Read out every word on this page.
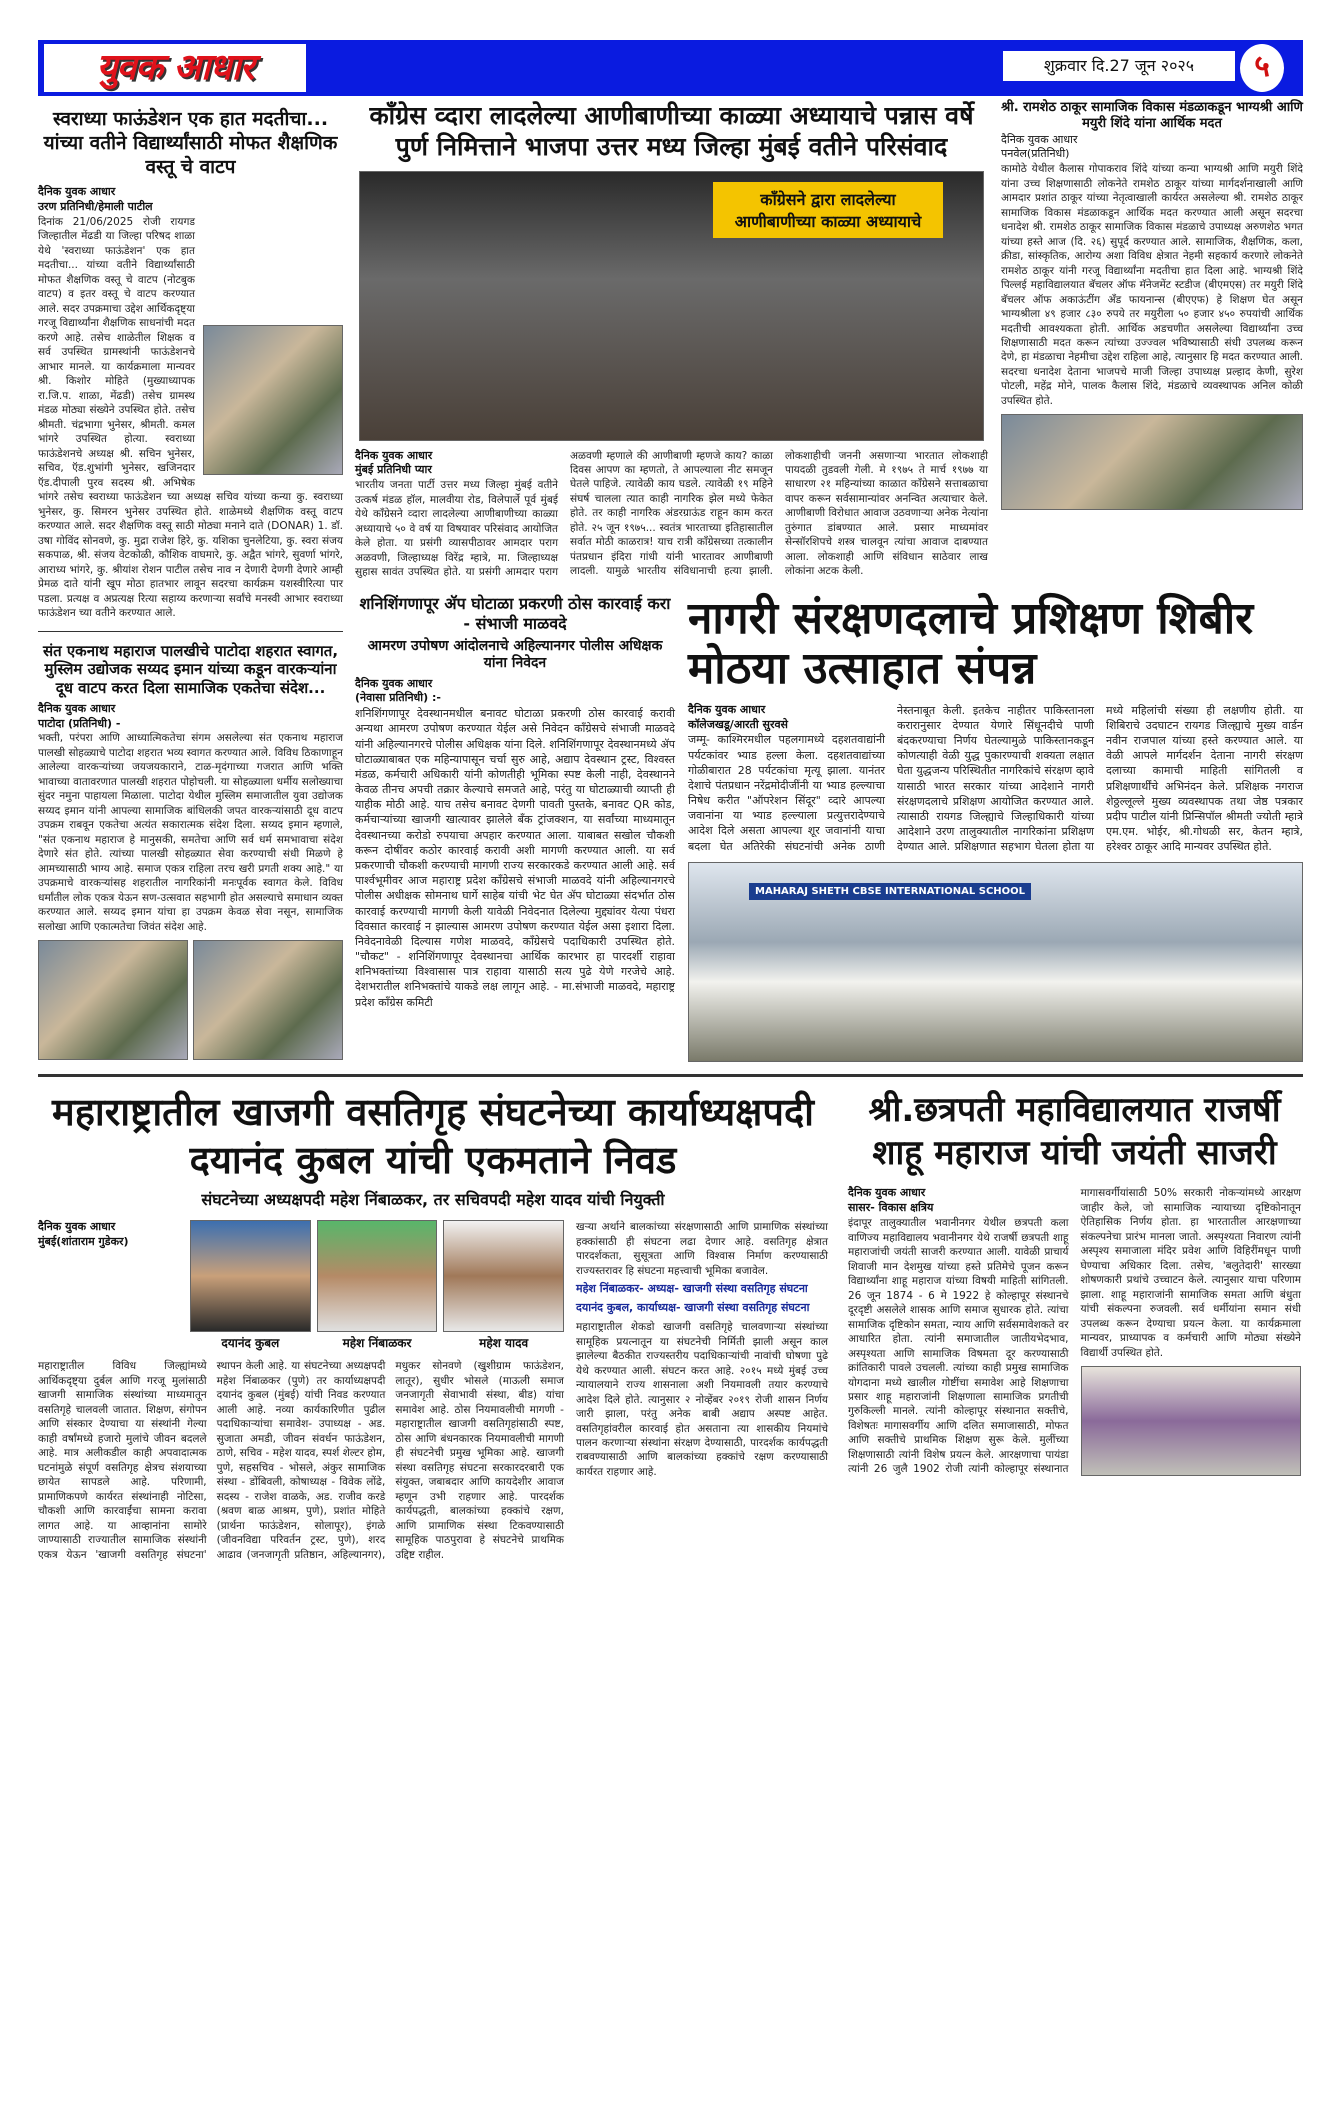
युवक आधार	शुक्रवार दि.27 जून २०२५	५
स्वराध्या फाऊंडेशन एक हात मदतीचा... यांच्या वतीने विद्यार्थ्यांसाठी मोफत शैक्षणिक वस्तू चे वाटप
दैनिक युवक आधार
उरण प्रतिनिधी/हेमाली पाटील
दिनांक 21/06/2025 रोजी रायगड जिल्हातील मेंढडी या जिल्हा परिषद शाळा येथे 'स्वराध्या फाऊंडेशन' एक हात मदतीचा... यांच्या वतीने विद्यार्थ्यांसाठी मोफत शैक्षणिक वस्तू चे वाटप (नोटबुक वाटप) व इतर वस्तू चे वाटप करण्यात आले. सदर उपक्रमाचा उद्देश आर्थिकदृष्ट्या गरजू विद्यार्थ्यांना शैक्षणिक साधनांची मदत करणे आहे. तसेच शाळेतील शिक्षक व सर्व उपस्थित ग्रामस्थांनी फाऊंडेशनचे आभार मानले. या कार्यक्रमाला मान्यवर श्री. किशोर मोहिते (मुख्याध्यापक रा.जि.प. शाळा, मेंढडी) तसेच ग्रामस्थ मंडळ मोठ्या संख्येने उपस्थित होते. तसेच श्रीमती. चंद्रभागा भुनेसर, श्रीमती. कमल भांगरे उपस्थित होत्या. स्वराध्या फाऊंडेशनचे अध्यक्ष श्री. सचिन भुनेसर, सचिव, ऍड.शुभांगी भुनेसर, खजिनदार ऍड.दीपाली पुरव सदस्य श्री. अभिषेक भांगरे तसेच स्वराध्या फाऊंडेशन च्या अध्यक्ष सचिव यांच्या कन्या कु. स्वराध्या भुनेसर, कु. सिमरन भुनेसर उपस्थित होते. शाळेमध्ये शैक्षणिक वस्तू वाटप करण्यात आले. सदर शैक्षणिक वस्तू साठी मोठ्या मनाने दाते (DONAR) 1. डॉ. उषा गोविंद सोनवणे, कु. मुद्रा राजेश हिरे, कु. यशिका चुनलेटिया, कु. स्वरा संजय सकपाळ, श्री. संजय वेटकोळी, कौशिक वाघमारे, कु. अद्वैत भांगरे, सुवर्णा भांगरे, आराध्य भांगरे, कु. श्रीयांश रोशन पाटील तसेच नाव न देणारी देणगी देणारे आम्ही प्रेमळ दाते यांनी खूप मोठा हातभार लावून सदरचा कार्यक्रम यशस्वीरित्या पार पडला. प्रत्यक्ष व अप्रत्यक्ष रित्या सहाय्य करणाऱ्या सर्वांचे मनस्वी आभार स्वराध्या फाऊंडेशन च्या वतीने करण्यात आले.
संत एकनाथ महाराज पालखीचे पाटोदा शहरात स्वागत, मुस्लिम उद्योजक सय्यद इमान यांच्या कडून वारकऱ्यांना दूध वाटप करत दिला सामाजिक एकतेचा संदेश...
दैनिक युवक आधार
पाटोदा (प्रतिनिधी) -
भक्ती, परंपरा आणि आध्यात्मिकतेचा संगम असलेल्या संत एकनाथ महाराज पालखी सोहळ्याचे पाटोदा शहरात भव्य स्वागत करण्यात आले. विविध ठिकाणाहून आलेल्या वारकऱ्यांच्या जयजयकाराने, टाळ-मृदंगाच्या गजरात आणि भक्ति भावाच्या वातावरणात पालखी शहरात पोहोचली. या सोहळ्याला धर्मीय सलोख्याचा सुंदर नमुना पाहायला मिळाला. पाटोदा येथील मुस्लिम समाजातील युवा उद्योजक सय्यद इमान यांनी आपल्या सामाजिक बांधिलकी जपत वारकऱ्यांसाठी दूध वाटप उपक्रम राबवून एकतेचा अत्यंत सकारात्मक संदेश दिला. सय्यद इमान म्हणाले, "संत एकनाथ महाराज हे मानुसकी, समतेचा आणि सर्व धर्म समभावाचा संदेश देणारे संत होते. त्यांच्या पालखी सोहळ्यात सेवा करण्याची संधी मिळणे हे आमच्यासाठी भाग्य आहे. समाज एकत्र राहिला तरच खरी प्रगती शक्य आहे." या उपक्रमाचे वारकऱ्यांसह शहरातील नागरिकांनी मनःपूर्वक स्वागत केले. विविध धर्मांतील लोक एकत्र येऊन सण-उत्सवात सहभागी होत असल्याचे समाधान व्यक्त करण्यात आले. सय्यद इमान यांचा हा उपक्रम केवळ सेवा नसून, सामाजिक सलोखा आणि एकात्मतेचा जिवंत संदेश आहे.
काँग्रेस व्दारा लादलेल्या आणीबाणीच्या काळ्या अध्यायाचे पन्नास वर्षे पुर्ण निमित्ताने भाजपा उत्तर मध्य जिल्हा मुंबई वतीने परिसंवाद
काँग्रेसने द्वारा लादलेल्या आणीबाणीच्या काळ्या अध्यायाचे
दैनिक युवक आधार
मुंबई प्रतिनिधी प्यार
भारतीय जनता पार्टी उत्तर मध्य जिल्हा मुंबई वतीने उत्कर्ष मंडळ हॉल, मालवीया रोड, विलेपार्ले पूर्व मुंबई येथे काँग्रेसने व्दारा लादलेल्या आणीबाणीच्या काळ्या अध्यायाचे ५० वे वर्ष या विषयावर परिसंवाद आयोजित केले होता. या प्रसंगी व्यासपीठावर आमदार पराग अळवणी, जिल्हाध्यक्ष विरेंद्र म्हात्रे, मा. जिल्हाध्यक्ष सुहास सावंत उपस्थित होते. या प्रसंगी आमदार पराग अळवणी म्हणाले की आणीबाणी म्हणजे काय? काळा दिवस आपण का म्हणतो, ते आपल्याला नीट समजून घेतले पाहिजे. त्यावेळी काय घडले. त्यावेळी १९ महिने संघर्ष चालला त्यात काही नागरिक झेल मध्ये फेकेत होते. तर काही नागरिक अंडरग्राऊंड राहून काम करत होते. २५ जून १९७५... स्वतंत्र भारताच्या इतिहासातील सर्वात मोठी काळरात्र! याच रात्री काँग्रेसच्या तत्कालीन पंतप्रधान इंदिरा गांधी यांनी भारतावर आणीबाणी लादली. यामुळे भारतीय संविधानाची हत्या झाली. लोकशाहीची जननी असणाऱ्या भारतात लोकशाही पायदळी तुडवली गेली. मे १९७५ ते मार्च १९७७ या साधारण २१ महिन्यांच्या काळात काँग्रेसने सत्ताबळाचा वापर करून सर्वसामान्यांवर अनन्वित अत्याचार केले. आणीबाणी विरोधात आवाज उठवणाऱ्या अनेक नेत्यांना तुरुंगात डांबण्यात आले. प्रसार माध्यमांवर सेन्सॉरशिपचे शस्त्र चालवून त्यांचा आवाज दाबण्यात आला. लोकशाही आणि संविधान साठेवार लाख लोकांना अटक केली.
श्री. रामशेठ ठाकूर सामाजिक विकास मंडळाकडून भाग्यश्री आणि मयुरी शिंदे यांना आर्थिक मदत
दैनिक युवक आधार
पनवेल(प्रतिनिधी)
कामोठे येथील कैलास गोपाकराव शिंदे यांच्या कन्या भाग्यश्री आणि मयुरी शिंदे यांना उच्च शिक्षणासाठी लोकनेते रामशेठ ठाकूर यांच्या मार्गदर्शनाखाली आणि आमदार प्रशांत ठाकूर यांच्या नेतृत्वाखाली कार्यरत असलेल्या श्री. रामशेठ ठाकूर सामाजिक विकास मंडळाकडून आर्थिक मदत करण्यात आली असून सदरचा धनादेश श्री. रामशेठ ठाकूर सामाजिक विकास मंडळाचे उपाध्यक्ष अरुणशेठ भगत यांच्या हस्ते आज (दि. २६) सुपूर्द करण्यात आले. सामाजिक, शैक्षणिक, कला, क्रीडा, सांस्कृतिक, आरोग्य अशा विविध क्षेत्रात नेहमी सहकार्य करणारे लोकनेते रामशेठ ठाकूर यांनी गरजू विद्यार्थ्यांना मदतीचा हात दिला आहे. भाग्यश्री शिंदे पिल्लई महाविद्यालयात बॅचलर ऑफ मॅनेजमेंट स्टडीज (बीएमएस) तर मयुरी शिंदे बॅचलर ऑफ अकाऊंटींग अँड फायनान्स (बीएएफ) हे शिक्षण घेत असून भाग्यश्रीला ४९ हजार ८३० रुपये तर मयुरीला ५० हजार ४५० रुपयांची आर्थिक मदतीची आवश्यकता होती. आर्थिक अडचणीत असलेल्या विद्यार्थ्यांना उच्च शिक्षणासाठी मदत करून त्यांच्या उज्ज्वल भविष्यासाठी संधी उपलब्ध करून देणे, हा मंडळाचा नेहमीचा उद्देश राहिला आहे, त्यानुसार हि मदत करण्यात आली. सदरचा धनादेश देताना भाजपचे माजी जिल्हा उपाध्यक्ष प्रल्हाद केणी, सुरेश पोटली, महेंद्र मोने, पालक कैलास शिंदे, मंडळाचे व्यवस्थापक अनिल कोळी उपस्थित होते.
शनिशिंगणापूर ॲप घोटाळा प्रकरणी ठोस कारवाई करा - संभाजी माळवदे
आमरण उपोषण आंदोलनाचे अहिल्यानगर पोलीस अधिक्षक यांना निवेदन
दैनिक युवक आधार
(नेवासा प्रतिनिधी) :-
शनिशिंगणापूर देवस्थानमधील बनावट घोटाळा प्रकरणी ठोस कारवाई करावी अन्यथा आमरण उपोषण करण्यात येईल असे निवेदन काँग्रेसचे संभाजी माळवदे यांनी अहिल्यानगरचे पोलीस अधिक्षक यांना दिले. शनिशिंगणापूर देवस्थानमध्ये ॲप घोटाळ्याबाबत एक महिन्यापासून चर्चा सुरु आहे, अद्याप देवस्थान ट्रस्ट, विश्वस्त मंडळ, कर्मचारी अधिकारी यांनी कोणतीही भूमिका स्पष्ट केली नाही, देवस्थानने केवळ तीनच अपची तक्रार केल्याचे समजते आहे, परंतु या घोटाळ्याची व्याप्ती ही याहीक मोठी आहे. याच तसेच बनावट देणगी पावती पुस्तके, बनावट QR कोड, कर्मचाऱ्यांच्या खाजगी खात्यावर झालेले बँक ट्रांजक्शन, या सर्वांच्या माध्यमातून देवस्थानच्या करोडो रुपयाचा अपहार करण्यात आला. याबाबत सखोल चौकशी करून दोषींवर कठोर कारवाई करावी अशी मागणी करण्यात आली. या सर्व प्रकरणाची चौकशी करण्याची मागणी राज्य सरकारकडे करण्यात आली आहे. सर्व पार्श्वभूमीवर आज महाराष्ट्र प्रदेश काँग्रेसचे संभाजी माळवदे यांनी अहिल्यानगरचे पोलीस अधीक्षक सोमनाथ घार्गे साहेब यांची भेट घेत ॲप घोटाळ्या संदर्भात ठोस कारवाई करण्याची मागणी केली यावेळी निवेदनात दिलेल्या मुद्द्यांवर येत्या पंधरा दिवसात कारवाई न झाल्यास आमरण उपोषण करण्यात येईल असा इशारा दिला. निवेदनावेळी दिल्यास गणेश माळवदे, काँग्रेसचे पदाधिकारी उपस्थित होते. "चौकट" - शनिशिंगणापूर देवस्थानचा आर्थिक कारभार हा पारदर्शी राहावा शनिभक्तांच्या विश्वासास पात्र राहावा यासाठी सत्य पुढे येणे गरजेचे आहे. देशभरातील शनिभक्तांचे याकडे लक्ष लागून आहे. - मा.संभाजी माळवदे, महाराष्ट्र प्रदेश काँग्रेस कमिटी
नागरी संरक्षणदलाचे प्रशिक्षण शिबीर मोठया उत्साहात संपन्न
दैनिक युवक आधार
कॉलेजखडू/आरती सुरवसे
जम्मू- काश्मिरमधील पहलगामध्ये दहशतवाद्यांनी पर्यटकांवर भ्याड हल्ला केला. दहशतवाद्यांच्या गोळीबारात 28 पर्यटकांचा मृत्यू झाला. यानंतर देशाचे पंतप्रधान नरेंद्रमोदीजींनी या भ्याड हल्ल्याचा निषेध करीत "ऑपरेशन सिंदूर" व्दारे आपल्या जवानांना या भ्याड हल्ल्याला प्रत्युत्तरादेण्याचे आदेश दिले असता आपल्या शूर जवानांनी याचा बदला घेत अतिरेकी संघटनांची अनेक ठाणी नेस्तनाबूत केली. इतकेच नाहीतर पाकिस्तानला करारानुसार देण्यात येणारे सिंधूनदीचे पाणी बंदकरण्याचा निर्णय घेतल्यामुळे पाकिस्तानकडून कोणत्याही वेळी युद्ध पुकारण्याची शक्यता लक्षात घेता युद्धजन्य परिस्थितीत नागरिकांचे संरक्षण व्हावे यासाठी भारत सरकार यांच्या आदेशाने नागरी संरक्षणदलाचे प्रशिक्षण आयोजित करण्यात आले. त्यासाठी रायगड जिल्ह्याचे जिल्हाधिकारी यांच्या आदेशाने उरण तालुक्यातील नागरिकांना प्रशिक्षण देण्यात आले. प्रशिक्षणात सहभाग घेतला होता या मध्ये महिलांची संख्या ही लक्षणीय होती. या शिबिराचे उदघाटन रायगड जिल्ह्याचे मुख्य वार्डन नवीन राजपाल यांच्या हस्ते करण्यात आले. या वेळी आपले मार्गदर्शन देताना नागरी संरक्षण दलाच्या कामाची माहिती सांगितली व प्रशिक्षणार्थींचे अभिनंदन केले. प्रशिक्षक नगराज शेठ्ठल्लूल्ले मुख्य व्यवस्थापक तथा जेष्ठ पत्रकार प्रदीप पाटील यांनी प्रिन्सिपॉल श्रीमती ज्योती म्हात्रे एम.एम. भोईर, श्री.गोधळी सर, केतन म्हात्रे, हरेश्वर ठाकूर आदि मान्यवर उपस्थित होते.
MAHARAJ SHETH CBSE INTERNATIONAL SCHOOL
महाराष्ट्रातील खाजगी वसतिगृह संघटनेच्या कार्याध्यक्षपदी दयानंद कुबल यांची एकमताने निवड
संघटनेच्या अध्यक्षपदी महेश निंबाळकर, तर सचिवपदी महेश यादव यांची नियुक्ती
दैनिक युवक आधार
मुंबई(शांताराम गुडेकर)
दयानंद कुबल	महेश निंबाळकर	महेश यादव
महाराष्ट्रातील विविध जिल्ह्यांमध्ये आर्थिकदृष्ट्या दुर्बल आणि गरजू मुलांसाठी खाजगी सामाजिक संस्थांच्या माध्यमातून वसतिगृहे चालवली जातात. शिक्षण, संगोपन आणि संस्कार देण्याचा या संस्थांनी गेल्या काही वर्षांमध्ये हजारो मुलांचे जीवन बदलले आहे. मात्र अलीकडील काही अपवादात्मक घटनांमुळे संपूर्ण वसतिगृह क्षेत्रच संशयाच्या छायेत सापडले आहे. परिणामी, प्रामाणिकपणे कार्यरत संस्थांनाही नोटिसा, चौकशी आणि कारवाईंचा सामना करावा लागत आहे. या आव्हानांना सामोरे जाण्यासाठी राज्यातील सामाजिक संस्थांनी एकत्र येऊन 'खाजगी वसतिगृह संघटना' स्थापन केली आहे. या संघटनेच्या अध्यक्षपदी महेश निंबाळकर (पुणे) तर कार्याध्यक्षपदी दयानंद कुबल (मुंबई) यांची निवड करण्यात आली आहे. नव्या कार्यकारिणीत पुढील पदाधिकाऱ्यांचा समावेश- उपाध्यक्ष - अड. सुजाता अमडी, जीवन संवर्धन फाऊंडेशन, ठाणे, सचिव - महेश यादव, स्पर्श शेल्टर होम, पुणे, सहसचिव - भोसले, अंकुर सामाजिक संस्था - डोंबिवली, कोषाध्यक्ष - विवेक लोंढे, सदस्य - राजेश वाळके, अड. राजीव करडे (श्रवण बाळ आश्रम, पुणे), प्रशांत मोहिते (प्रार्थना फाऊंडेशन, सोलापूर), इंगळे (जीवनविद्या परिवर्तन ट्रस्ट, पुणे), शरद आढाव (जनजागृती प्रतिष्ठान, अहिल्यानगर), मधुकर सोनवणे (खुशीग्राम फाऊंडेशन, लातूर), सुधीर भोसले (माऊली समाज जनजागृती सेवाभावी संस्था, बीड) यांचा समावेश आहे. ठोस नियमावलीची मागणी - महाराष्ट्रातील खाजगी वसतिगृहांसाठी स्पष्ट, ठोस आणि बंधनकारक नियमावलीची मागणी ही संघटनेची प्रमुख भूमिका आहे. खाजगी संस्था वसतिगृह संघटना सरकारदरबारी एक संयुक्त, जबाबदार आणि कायदेशीर आवाज म्हणून उभी राहणार आहे. पारदर्शक कार्यपद्धती, बालकांच्या हक्कांचे रक्षण, आणि प्रामाणिक संस्था टिकवण्यासाठी सामूहिक पाठपुरावा हे संघटनेचे प्राथमिक उद्दिष्ट राहील.
खऱ्या अर्थाने बालकांच्या संरक्षणासाठी आणि प्रामाणिक संस्थांच्या हक्कांसाठी ही संघटना लढा देणार आहे. वसतिगृह क्षेत्रात पारदर्शकता, सुसूत्रता आणि विश्वास निर्माण करण्यासाठी राज्यस्तरावर हि संघटना महत्त्वाची भूमिका बजावेल.
महेश निंबाळकर- अध्यक्ष- खाजगी संस्था वसतिगृह संघटना
दयानंद कुबल, कार्याध्यक्ष- खाजगी संस्था वसतिगृह संघटना
महाराष्ट्रातील शेकडो खाजगी वसतिगृहे चालवणाऱ्या संस्थांच्या सामूहिक प्रयत्नातून या संघटनेची निर्मिती झाली असून काल झालेल्या बैठकीत राज्यस्तरीय पदाधिकाऱ्यांची नावांची घोषणा पुढे येथे करण्यात आली. संघटन करत आहे. २०१५ मध्ये मुंबई उच्च न्यायालयाने राज्य शासनाला अशी नियमावली तयार करण्याचे आदेश दिले होते. त्यानुसार २ नोव्हेंबर २०१९ रोजी शासन निर्णय जारी झाला, परंतु अनेक बाबी अद्याप अस्पष्ट आहेत. वसतिगृहांवरील कारवाई होत असताना त्या शासकीय नियमांचे पालन करणाऱ्या संस्थांना संरक्षण देण्यासाठी, पारदर्शक कार्यपद्धती राबवण्यासाठी आणि बालकांच्या हक्कांचे रक्षण करण्यासाठी कार्यरत राहणार आहे.
श्री.छत्रपती महाविद्यालयात राजर्षी शाहू महाराज यांची जयंती साजरी
दैनिक युवक आधार
सासर- विकास क्षत्रिय
इंदापूर तालुक्यातील भवानीनगर येथील छत्रपती कला वाणिज्य महाविद्यालय भवानीनगर येथे राजर्षी छत्रपती शाहू महाराजांची जयंती साजरी करण्यात आली. यावेळी प्राचार्य शिवाजी मान देशमुख यांच्या हस्ते प्रतिमेचे पूजन करून विद्यार्थ्यांना शाहू महाराज यांच्या विषयी माहिती सांगितली. 26 जून 1874 - 6 मे 1922 हे कोल्हापूर संस्थानचे दूरदृष्टी असलेले शासक आणि समाज सुधारक होते. त्यांचा सामाजिक दृष्टिकोन समता, न्याय आणि सर्वसमावेशकते वर आधारित होता. त्यांनी समाजातील जातीयभेदभाव, अस्पृश्यता आणि सामाजिक विषमता दूर करण्यासाठी क्रांतिकारी पावले उचलली. त्यांच्या काही प्रमुख सामाजिक योगदाना मध्ये खालील गोष्टींचा समावेश आहे शिक्षणाचा प्रसार शाहू महाराजांनी शिक्षणाला सामाजिक प्रगतीची गुरुकिल्ली मानले. त्यांनी कोल्हापूर संस्थानात सक्तीचे, विशेषतः मागासवर्गीय आणि दलित समाजासाठी, मोफत आणि सक्तीचे प्राथमिक शिक्षण सुरू केले. मुलींच्या शिक्षणासाठी त्यांनी विशेष प्रयत्न केले. आरक्षणाचा पायंडा त्यांनी 26 जुलै 1902 रोजी त्यांनी कोल्हापूर संस्थानात मागासवर्गीयांसाठी 50% सरकारी नोकऱ्यांमध्ये आरक्षण जाहीर केले, जो सामाजिक न्यायाच्या दृष्टिकोनातून ऐतिहासिक निर्णय होता. हा भारतातील आरक्षणाच्या संकल्पनेचा प्रारंभ मानला जातो. अस्पृश्यता निवारण त्यांनी अस्पृश्य समाजाला मंदिर प्रवेश आणि विहिरींमधून पाणी घेण्याचा अधिकार दिला. तसेच, 'बलुतेदारी' सारख्या शोषणकारी प्रथांचे उच्चाटन केले. त्यानुसार याचा परिणाम झाला. शाहू महाराजांनी सामाजिक समता आणि बंधुता यांची संकल्पना रुजवली. सर्व धर्मीयांना समान संधी उपलब्ध करून देण्याचा प्रयत्न केला. या कार्यक्रमाला मान्यवर, प्राध्यापक व कर्मचारी आणि मोठ्या संख्येने विद्यार्थी उपस्थित होते.
